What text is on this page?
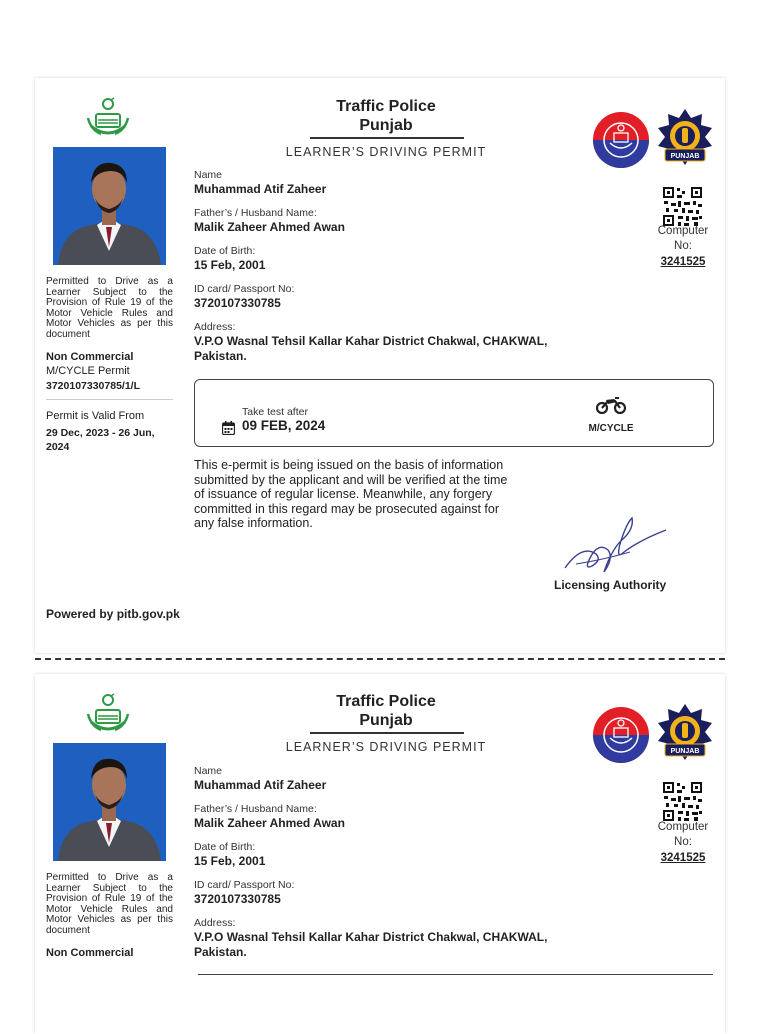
Permitted to Drive as a Learner Subject to the Provision of Rule 19 of the Motor Vehicle Rules and Motor Vehicles as per this document
Non Commercial
M/CYCLE Permit
3720107330785/1/L
Permit is Valid From
29 Dec, 2023 - 26 Jun,
2024
Traffic Police
Punjab
LEARNER’S DRIVING PERMIT	PUNJAB
Computer
No:
3241525
Name
Muhammad Atif Zaheer
Father’s / Husband Name:
Malik Zaheer Ahmed Awan
Date of Birth:
15 Feb, 2001
ID card/ Passport No:
3720107330785
Address:
V.P.O Wasnal Tehsil Kallar Kahar District Chakwal, CHAKWAL,
Pakistan.
Take test after
09 FEB, 2024	M/CYCLE
This e-permit is being issued on the basis of information submitted by the applicant and will be verified at the time of issuance of regular license. Meanwhile, any forgery committed in this regard may be prosecuted against for any false information.
Licensing Authority
Powered by pitb.gov.pk
Permitted to Drive as a Learner Subject to the Provision of Rule 19 of the Motor Vehicle Rules and Motor Vehicles as per this document
Non Commercial
Traffic Police
Punjab
LEARNER’S DRIVING PERMIT	PUNJAB
Computer
No:
3241525
Name
Muhammad Atif Zaheer
Father’s / Husband Name:
Malik Zaheer Ahmed Awan
Date of Birth:
15 Feb, 2001
ID card/ Passport No:
3720107330785
Address:
V.P.O Wasnal Tehsil Kallar Kahar District Chakwal, CHAKWAL,
Pakistan.
